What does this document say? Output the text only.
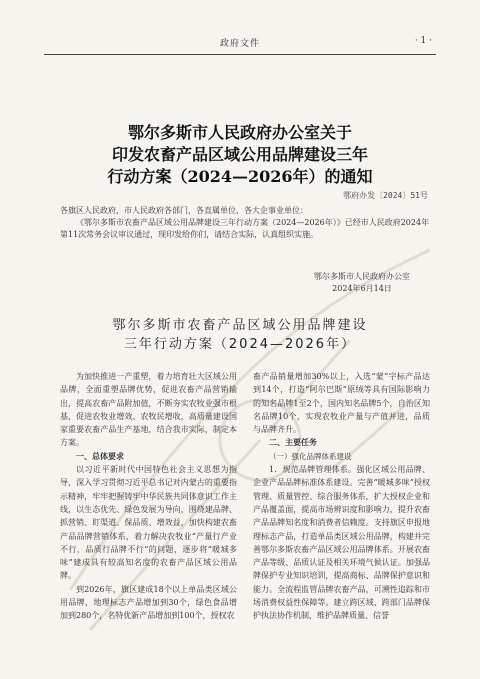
政府文件	· 1 ·
鄂尔多斯市人民政府办公室关于
印发农畜产品区域公用品牌建设三年
行动方案（2024—2026年）的通知
鄂府办发〔2024〕51号

各旗区人民政府，市人民政府各部门，各直属单位，各大企事业单位：

《鄂尔多斯市农畜产品区域公用品牌建设三年行动方案（2024—2026年）》已经市人民政府2024年第11次常务会议审议通过，现印发给你们，请结合实际，认真组织实施。

鄂尔多斯市人民政府办公室
2024年6月14日
鄂尔多斯市农畜产品区域公用品牌建设
三年行动方案（2024—2026年）

为加快推进一产重塑，着力培育壮大区域公用品牌，全面重塑品牌优势，促进农畜产品营销输出，提高农畜产品附加值，不断夯实农牧业强市根基，促进农牧业增效、农牧民增收，高质量建设国家重要农畜产品生产基地，结合我市实际，制定本方案。

一、总体要求

以习近平新时代中国特色社会主义思想为指导，深入学习贯彻习近平总书记对内蒙古的重要指示精神，牢牢把握铸牢中华民族共同体意识工作主线，以生态优先、绿色发展为导向，围绕建品牌、抓营销、盯渠道、保品质、增效益，加快构建农畜产品品牌营销体系，着力解决农牧业“产量行产业不行，品质行品牌不行”的问题，逐步将“暖城多味”建成具有较高知名度的农畜产品区域公用品牌。

到2026年，旗区建成18个以上单品类区域公用品牌，地理标志产品增加到30个，绿色食品增加到280个，名特优新产品增加到100个，授权农

畜产品销量增加30%以上，入选“蒙”字标产品达到14个，打造“阿尔巴斯”原绒等具有国际影响力的知名品牌1至2个，国内知名品牌5个，自治区知名品牌10个，实现农牧业产量与产值并进，品质与品牌齐升。

二、主要任务

（一）强化品牌体系建设

1．规范品牌管理体系。强化区域公用品牌、企业产品品牌标准体系建设。完善“暖城多味”授权管理、质量管控、综合服务体系，扩大授权企业和产品覆盖面，提高市场辨识度和影响力，提升农畜产品品牌知名度和消费者信赖度。支持旗区申报地理标志产品，打造单品类区域公用品牌，构建并完善鄂尔多斯农畜产品区域公用品牌体系。开展农畜产品等级、品质认证及相关环境气候认证。加强品牌保护专业知识培训，提高商标、品牌保护意识和能力。全流程监管品牌农畜产品，可溯性追踪和市场消费权益性保障等。建立跨区域、跨部门品牌保护执法协作机制，维护品牌质量、信誉
